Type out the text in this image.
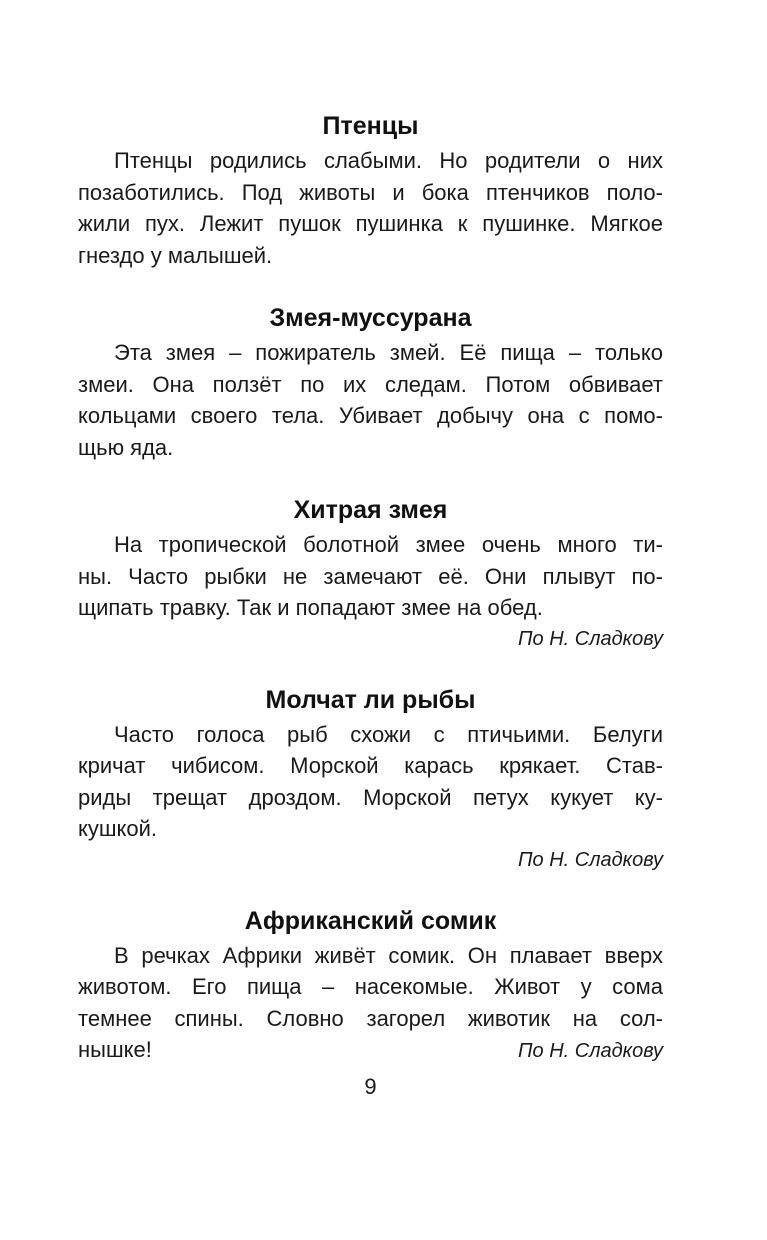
Птенцы

Птенцы родились слабыми. Но родители о них
позаботились. Под животы и бока птенчиков поло-
жили пух. Лежит пушок пушинка к пушинке. Мягкое
гнездо у малышей.

Змея-муссурана

Эта змея – пожиратель змей. Её пища – только
змеи. Она ползёт по их следам. Потом обвивает
кольцами своего тела. Убивает добычу она с помо-
щью яда.

Хитрая змея

На тропической болотной змее очень много ти-
ны. Часто рыбки не замечают её. Они плывут по-
щипать травку. Так и попадают змее на обед.

По Н. Сладкову
Молчат ли рыбы

Часто голоса рыб схожи с птичьими. Белуги
кричат чибисом. Морской карась крякает. Став-
риды трещат дроздом. Морской петух кукует ку-
кушкой.

По Н. Сладкову
Африканский сомик

В речках Африки живёт сомик. Он плавает вверх
животом. Его пища – насекомые. Живот у сома
темнее спины. Словно загорел животик на сол-
нышке!	По Н. Сладкову

9
